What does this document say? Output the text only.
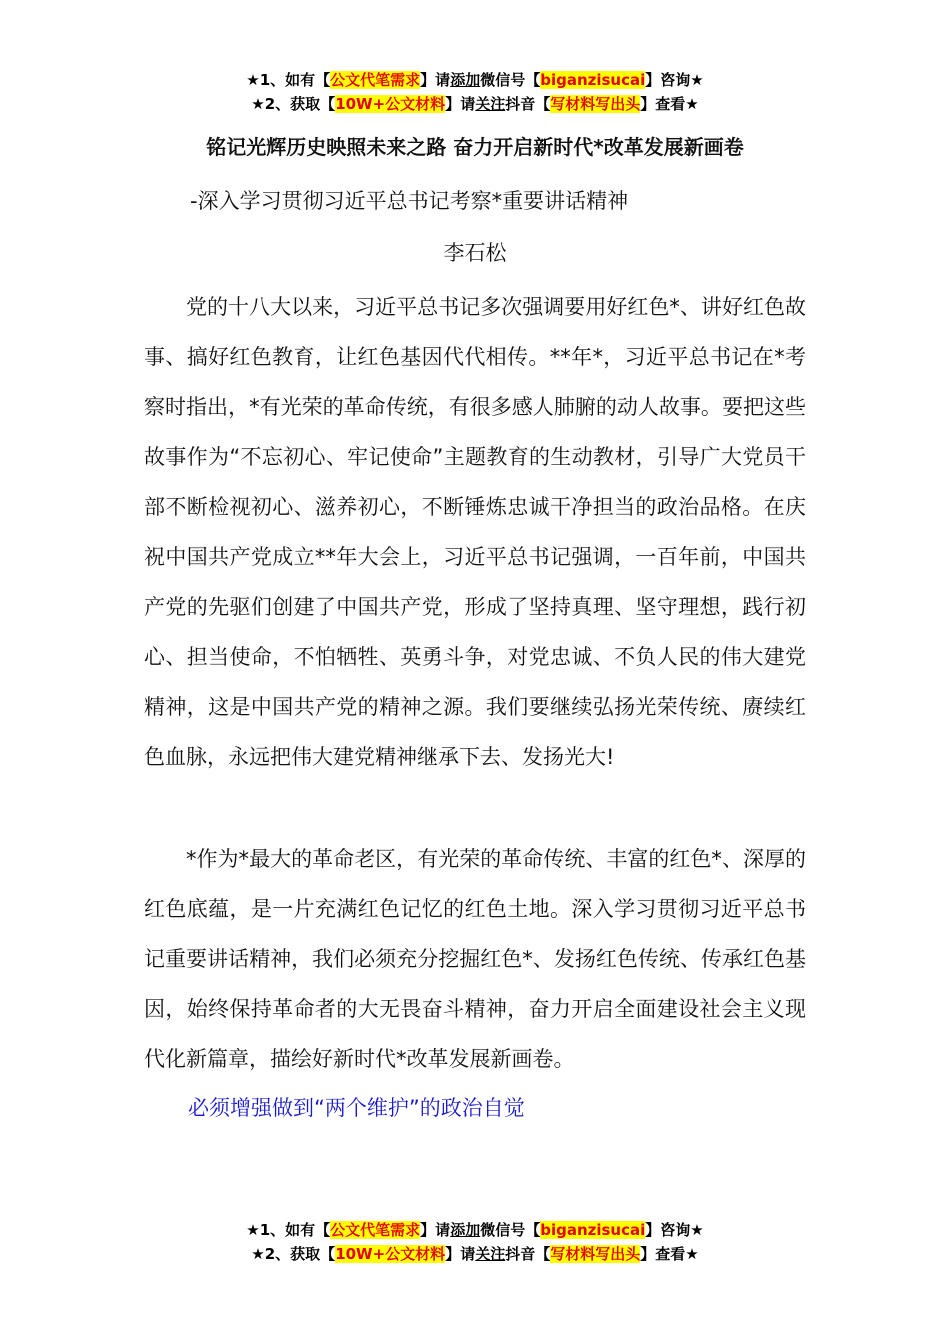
★1、如有【公文代笔需求】请添加微信号【biganzisucai】咨询★
★2、获取【10W+公文材料】请关注抖音【写材料写出头】查看★
铭记光辉历史映照未来之路 奋力开启新时代*改革发展新画卷
-深入学习贯彻习近平总书记考察*重要讲话精神
李石松

党的十八大以来，习近平总书记多次强调要用好红色*、讲好红色故事、搞好红色教育，让红色基因代代相传。**年*，习近平总书记在*考察时指出，*有光荣的革命传统，有很多感人肺腑的动人故事。要把这些故事作为“不忘初心、牢记使命”主题教育的生动教材，引导广大党员干部不断检视初心、滋养初心，不断锤炼忠诚干净担当的政治品格。在庆祝中国共产党成立**年大会上，习近平总书记强调，一百年前，中国共产党的先驱们创建了中国共产党，形成了坚持真理、坚守理想，践行初心、担当使命，不怕牺牲、英勇斗争，对党忠诚、不负人民的伟大建党精神，这是中国共产党的精神之源。我们要继续弘扬光荣传统、赓续红色血脉，永远把伟大建党精神继承下去、发扬光大!

*作为*最大的革命老区，有光荣的革命传统、丰富的红色*、深厚的红色底蕴，是一片充满红色记忆的红色土地。深入学习贯彻习近平总书记重要讲话精神，我们必须充分挖掘红色*、发扬红色传统、传承红色基因，始终保持革命者的大无畏奋斗精神，奋力开启全面建设社会主义现代化新篇章，描绘好新时代*改革发展新画卷。

必须增强做到“两个维护”的政治自觉
★1、如有【公文代笔需求】请添加微信号【biganzisucai】咨询★
★2、获取【10W+公文材料】请关注抖音【写材料写出头】查看★
